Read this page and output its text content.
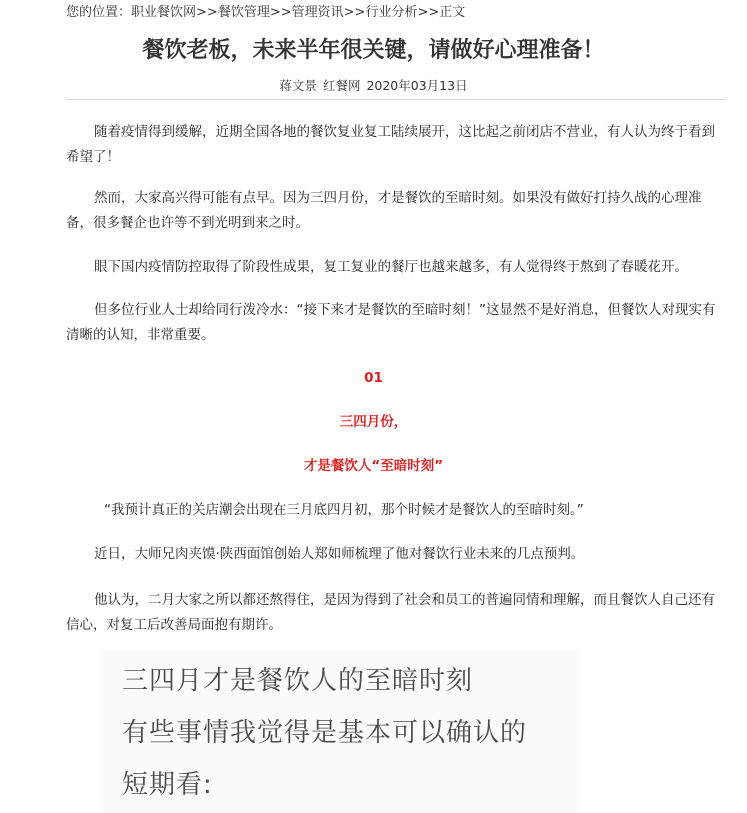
您的位置：职业餐饮网>>餐饮管理>>管理资讯>>行业分析>>正文
餐饮老板，未来半年很关键，请做好心理准备！
蒋文景 红餐网 2020年03月13日

随着疫情得到缓解，近期全国各地的餐饮复业复工陆续展开，这比起之前闭店不营业，有人认为终于看到希望了！

然而，大家高兴得可能有点早。因为三四月份，才是餐饮的至暗时刻。如果没有做好打持久战的心理准备，很多餐企也许等不到光明到来之时。

眼下国内疫情防控取得了阶段性成果，复工复业的餐厅也越来越多，有人觉得终于熬到了春暖花开。

但多位行业人士却给同行泼冷水：“接下来才是餐饮的至暗时刻！”这显然不是好消息，但餐饮人对现实有清晰的认知，非常重要。

01
三四月份，
才是餐饮人“至暗时刻”

“我预计真正的关店潮会出现在三月底四月初，那个时候才是餐饮人的至暗时刻。”

近日，大师兄肉夹馍·陕西面馆创始人郑如师梳理了他对餐饮行业未来的几点预判。

他认为，二月大家之所以都还熬得住，是因为得到了社会和员工的普遍同情和理解，而且餐饮人自己还有信心，对复工后改善局面抱有期许。

三四月才是餐饮人的至暗时刻
有些事情我觉得是基本可以确认的
短期看:
